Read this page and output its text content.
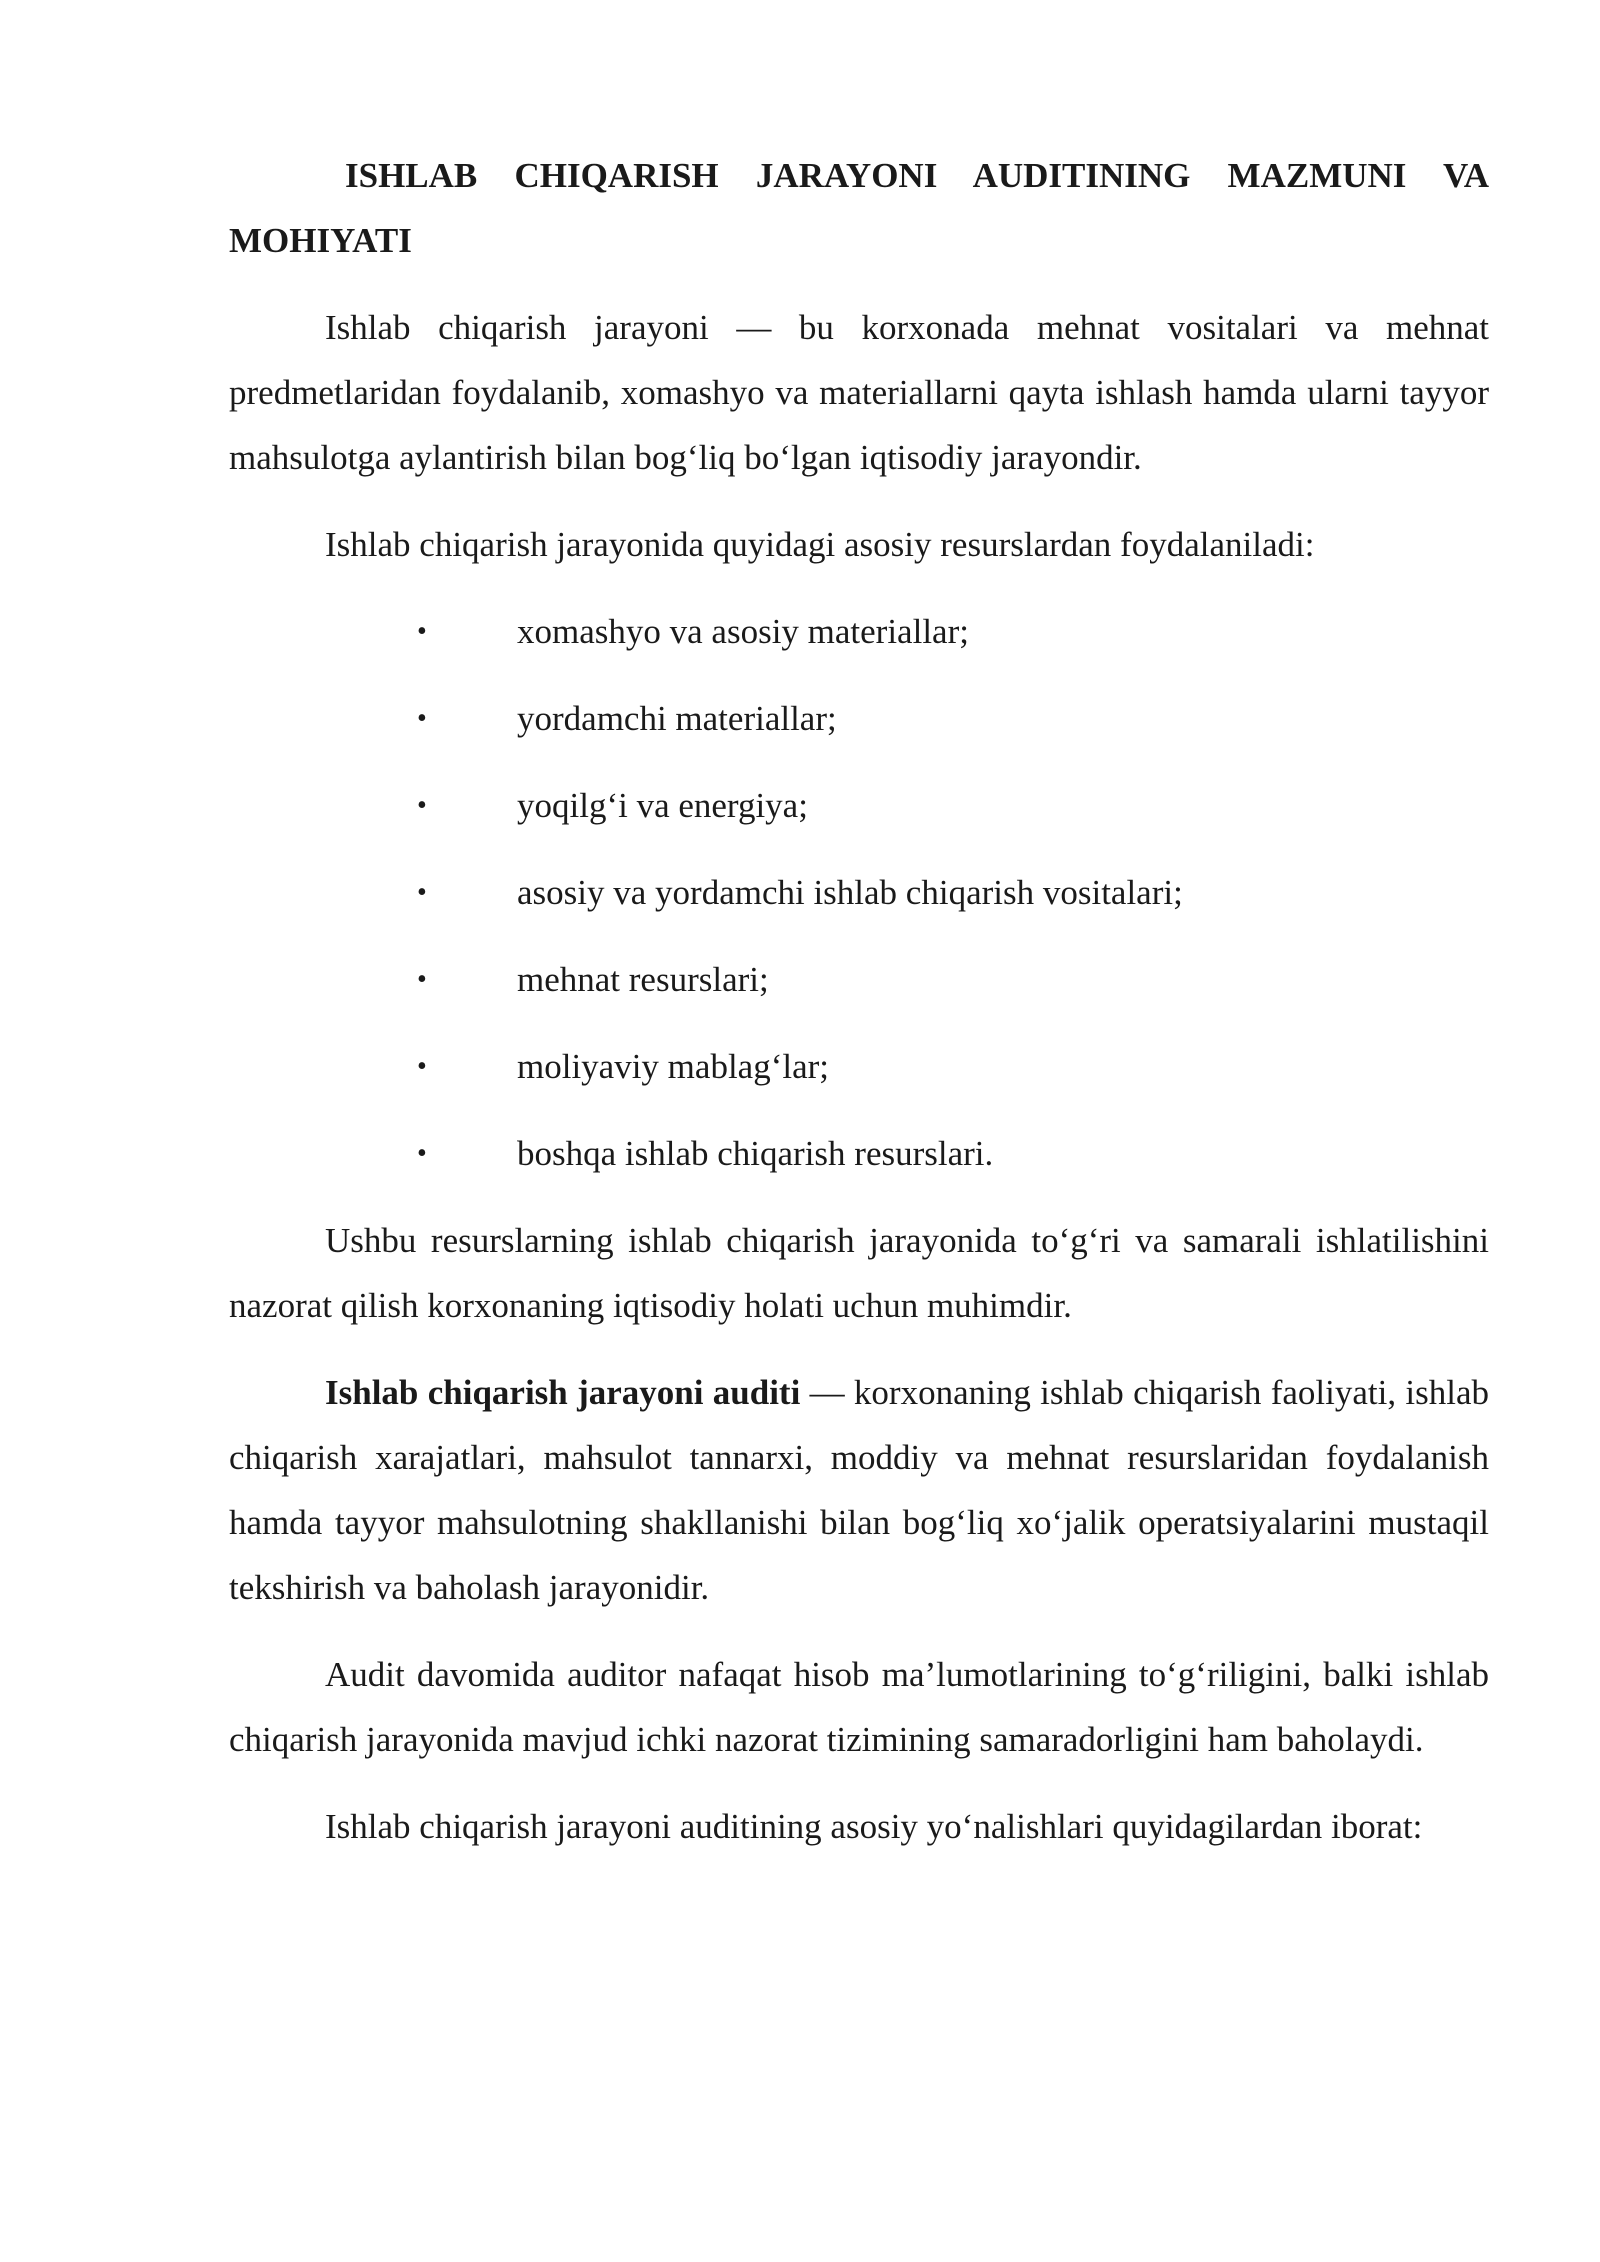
ISHLAB CHIQARISH JARAYONI AUDITINING MAZMUNI VA MOHIYATI

Ishlab chiqarish jarayoni — bu korxonada mehnat vositalari va mehnat predmetlaridan foydalanib, xomashyo va materiallarni qayta ishlash hamda ularni tayyor mahsulotga aylantirish bilan bog‘liq bo‘lgan iqtisodiy jarayondir.

Ishlab chiqarish jarayonida quyidagi asosiy resurslardan foydalaniladi:

•	xomashyo va asosiy materiallar;
•	yordamchi materiallar;
•	yoqilg‘i va energiya;
•	asosiy va yordamchi ishlab chiqarish vositalari;
•	mehnat resurslari;
•	moliyaviy mablag‘lar;
•	boshqa ishlab chiqarish resurslari.

Ushbu resurslarning ishlab chiqarish jarayonida to‘g‘ri va samarali ishlatilishini nazorat qilish korxonaning iqtisodiy holati uchun muhimdir.

Ishlab chiqarish jarayoni auditi — korxonaning ishlab chiqarish faoliyati, ishlab chiqarish xarajatlari, mahsulot tannarxi, moddiy va mehnat resurslaridan foydalanish hamda tayyor mahsulotning shakllanishi bilan bog‘liq xo‘jalik operatsiyalarini mustaqil tekshirish va baholash jarayonidir.

Audit davomida auditor nafaqat hisob ma’lumotlarining to‘g‘riligini, balki ishlab chiqarish jarayonida mavjud ichki nazorat tizimining samaradorligini ham baholaydi.

Ishlab chiqarish jarayoni auditining asosiy yo‘nalishlari quyidagilardan iborat:
